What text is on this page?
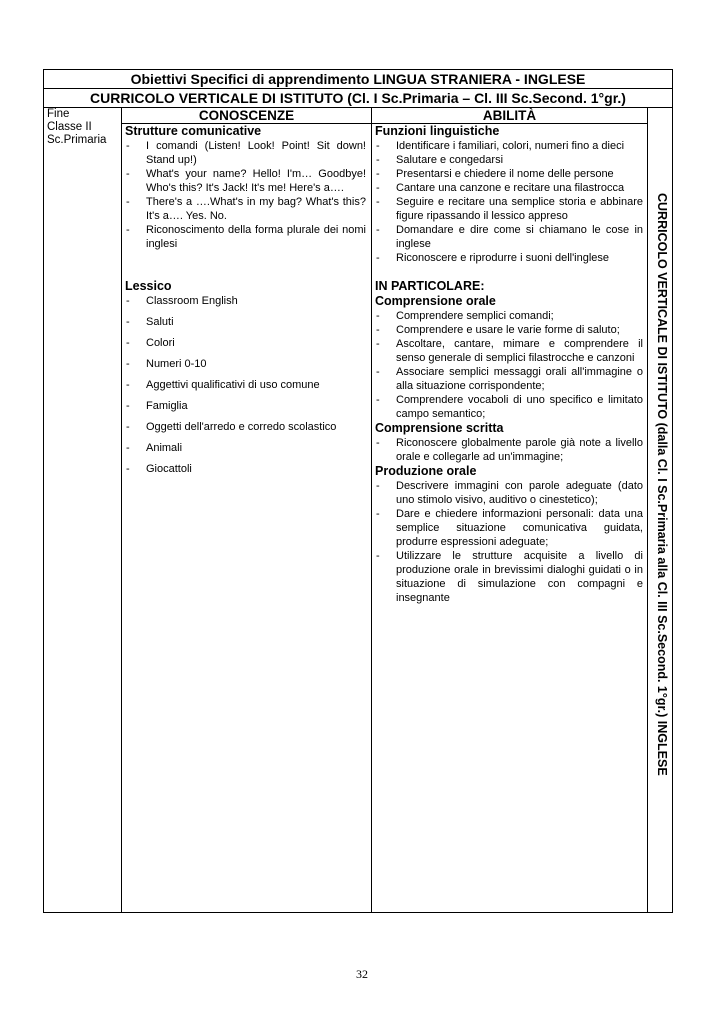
Obiettivi Specifici di apprendimento LINGUA STRANIERA - INGLESE
CURRICOLO VERTICALE DI ISTITUTO (Cl. I Sc.Primaria – Cl. III Sc.Second. 1°gr.)
Fine
Classe II
Sc.Primaria
CONOSCENZE	ABILITÀ
Strutture comunicative
- I comandi (Listen! Look! Point! Sit down! Stand up!)
- What's your name? Hello! I'm… Goodbye! Who's this? It's Jack! It's me! Here's a….
- There's a ….What's in my bag? What's this? It's a…. Yes. No.
- Riconoscimento della forma plurale dei nomi inglesi
Lessico
- Classroom English
- Saluti
- Colori
- Numeri 0-10
- Aggettivi qualificativi di uso comune
- Famiglia
- Oggetti dell'arredo e corredo scolastico
- Animali
- Giocattoli
Funzioni linguistiche
- Identificare i familiari, colori, numeri fino a dieci
- Salutare e congedarsi
- Presentarsi e chiedere il nome delle persone
- Cantare una canzone e recitare una filastrocca
- Seguire e recitare una semplice storia e abbinare figure ripassando il lessico appreso
- Domandare e dire come si chiamano le cose in inglese
- Riconoscere e riprodurre i suoni dell'inglese
IN PARTICOLARE:
Comprensione orale
- Comprendere semplici comandi;
- Comprendere e usare le varie forme di saluto;
- Ascoltare, cantare, mimare e comprendere il senso generale di semplici filastrocche e canzoni
- Associare semplici messaggi orali all'immagine o alla situazione corrispondente;
- Comprendere vocaboli di uno specifico e limitato campo semantico;
Comprensione scritta
- Riconoscere globalmente parole già note a livello orale e collegarle ad un'immagine;
Produzione orale
- Descrivere immagini con parole adeguate (dato uno stimolo visivo, auditivo o cinestetico);
- Dare e chiedere informazioni personali: data una semplice situazione comunicativa guidata, produrre espressioni adeguate;
- Utilizzare le strutture acquisite a livello di produzione orale in brevissimi dialoghi guidati o in situazione di simulazione con compagni e insegnante	CURRICOLO VERTICALE DI ISTITUTO (dalla Cl. I Sc.Primaria alla Cl. III Sc.Second. 1°gr.) INGLESE
32
